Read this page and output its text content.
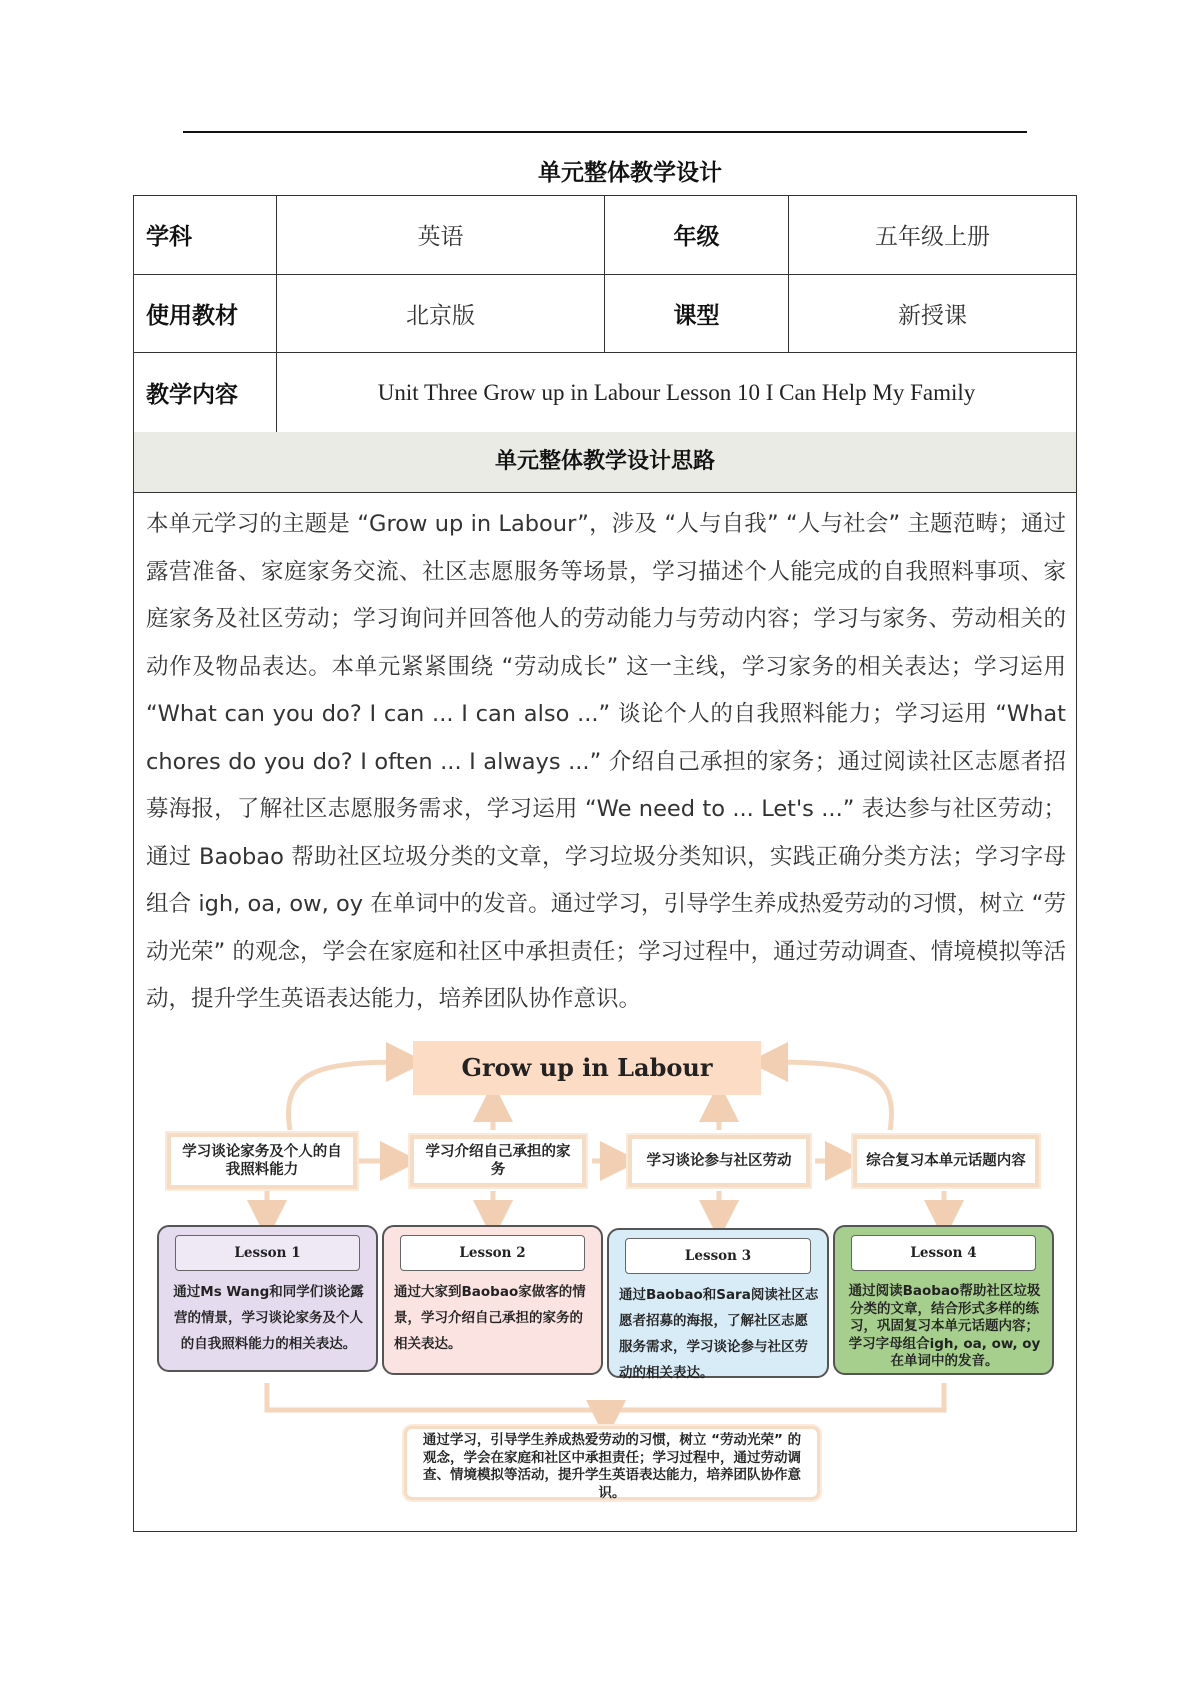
单元整体教学设计
学科	英语	年级	五年级上册
使用教材	北京版	课型	新授课
教学内容	Unit Three Grow up in Labour Lesson 10 I Can Help My Family		
单元整体教学设计思路
本单元学习的主题是 “Grow up in Labour”，涉及 “人与自我” “人与社会” 主题范畴；通过露营准备、家庭家务交流、社区志愿服务等场景，学习描述个人能完成的自我照料事项、家庭家务及社区劳动；学习询问并回答他人的劳动能力与劳动内容；学习与家务、劳动相关的动作及物品表达。本单元紧紧围绕 “劳动成长” 这一主线，学习家务的相关表达；学习运用 “What can you do? I can ... I can also ...” 谈论个人的自我照料能力；学习运用 “What chores do you do? I often ... I always ...” 介绍自己承担的家务；通过阅读社区志愿者招募海报，了解社区志愿服务需求，学习运用 “We need to ... Let's ...” 表达参与社区劳动；通过 Baobao 帮助社区垃圾分类的文章，学习垃圾分类知识，实践正确分类方法；学习字母组合 igh, oa, ow, oy 在单词中的发音。通过学习，引导学生养成热爱劳动的习惯，树立 “劳动光荣” 的观念，学会在家庭和社区中承担责任；学习过程中，通过劳动调查、情境模拟等活动，提升学生英语表达能力，培养团队协作意识。
Grow up in Labour
学习谈论家务及个人的自我照料能力
学习介绍自己承担的家务
学习谈论参与社区劳动	综合复习本单元话题内容
Lesson 1
通过Ms Wang和同学们谈论露营的情景，学习谈论家务及个人的自我照料能力的相关表达。
Lesson 2
通过大家到Baobao家做客的情景，学习介绍自己承担的家务的相关表达。
Lesson 3
通过Baobao和Sara阅读社区志愿者招募的海报，了解社区志愿服务需求，学习谈论参与社区劳动的相关表达。
Lesson 4
通过阅读Baobao帮助社区垃圾分类的文章，结合形式多样的练习，巩固复习本单元话题内容；学习字母组合igh, oa, ow, oy在单词中的发音。
通过学习，引导学生养成热爱劳动的习惯，树立 “劳动光荣” 的观念，学会在家庭和社区中承担责任；学习过程中，通过劳动调查、情境模拟等活动，提升学生英语表达能力，培养团队协作意识。
